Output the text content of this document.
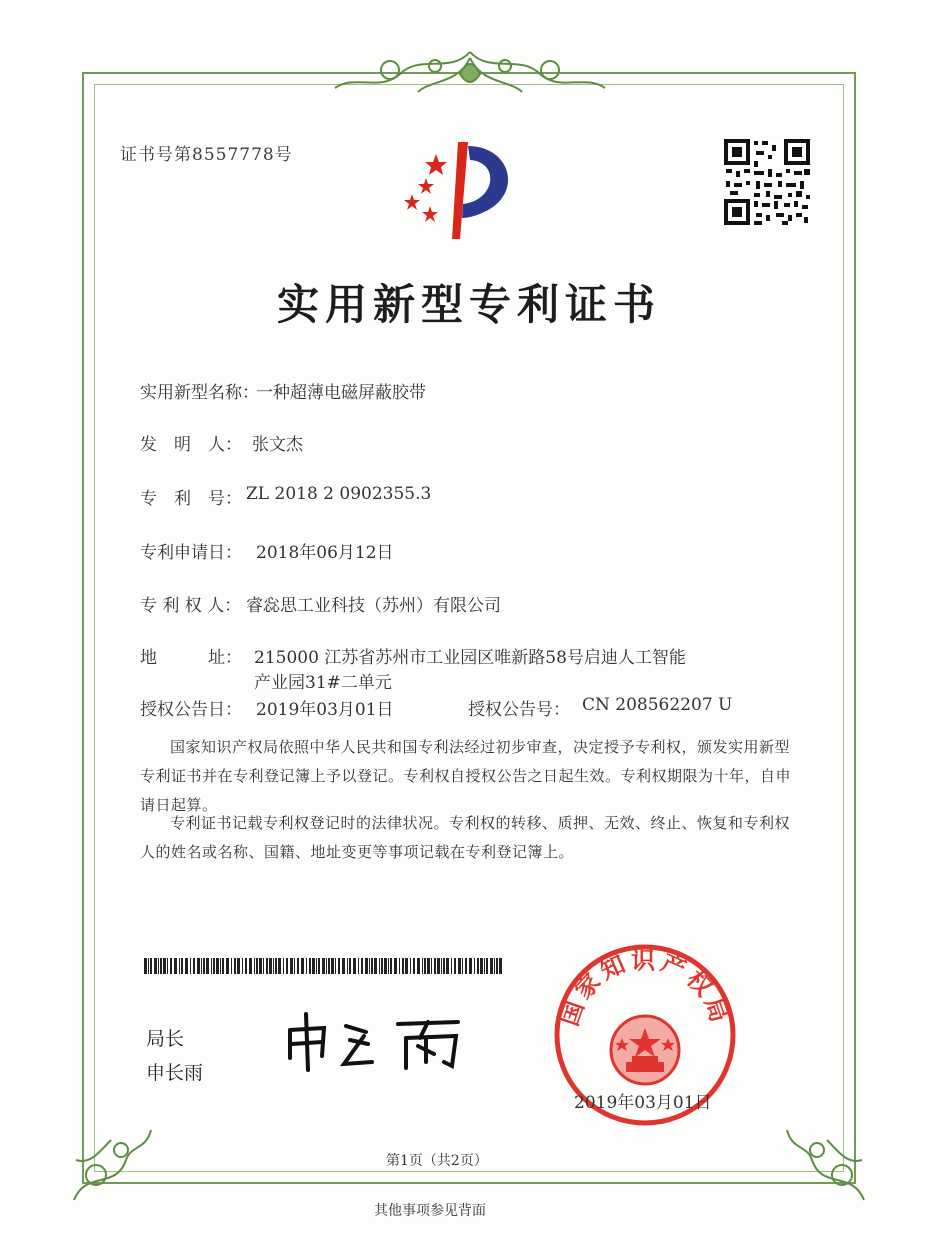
证书号第8557778号
实用新型专利证书
实用新型名称：
一种超薄电磁屏蔽胶带
发　明　人： 张文杰
专　利　号： ZL 2018 2 0902355.3
专利申请日： 2018年06月12日
专 利 权 人： 睿惢思工业科技（苏州）有限公司
地　　　址： 215000 江苏省苏州市工业园区唯新路58号启迪人工智能
产业园31#二单元
授权公告日： 2019年03月01日	授权公告号： CN 208562207 U
国家知识产权局依照中华人民共和国专利法经过初步审查，决定授予专利权，颁发实用新型专利证书并在专利登记簿上予以登记。专利权自授权公告之日起生效。专利权期限为十年，自申请日起算。
专利证书记载专利权登记时的法律状况。专利权的转移、质押、无效、终止、恢复和专利权人的姓名或名称、国籍、地址变更等事项记载在专利登记簿上。
局长
申长雨
国家知识产权局
2019年03月01日
第1页（共2页）
其他事项参见背面
